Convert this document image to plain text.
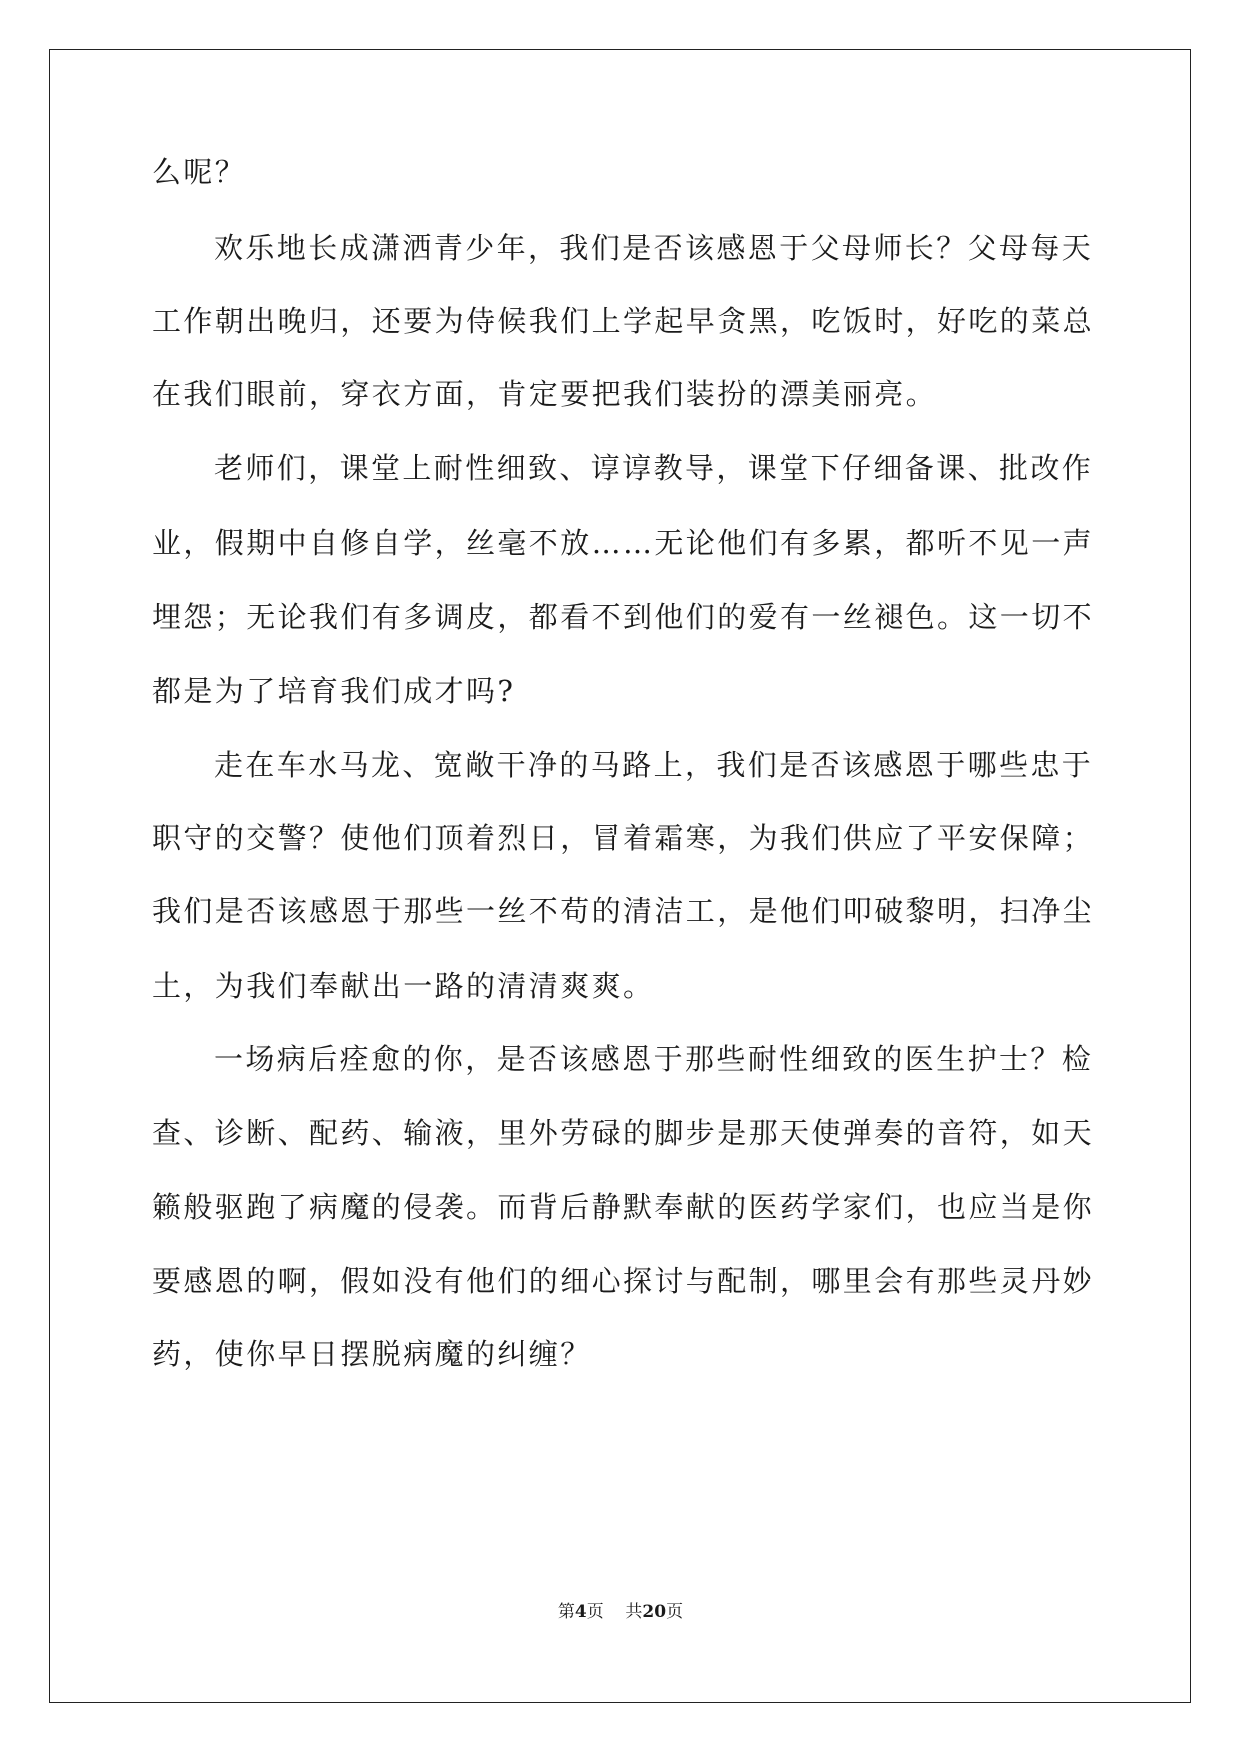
么呢？
欢乐地长成潇洒青少年，我们是否该感恩于父母师长？父母每天
工作朝出晚归，还要为侍候我们上学起早贪黑，吃饭时，好吃的菜总
在我们眼前，穿衣方面，肯定要把我们装扮的漂美丽亮。
老师们，课堂上耐性细致、谆谆教导，课堂下仔细备课、批改作
业，假期中自修自学，丝毫不放……无论他们有多累，都听不见一声
埋怨；无论我们有多调皮，都看不到他们的爱有一丝褪色。这一切不
都是为了培育我们成才吗?
走在车水马龙、宽敞干净的马路上，我们是否该感恩于哪些忠于
职守的交警？使他们顶着烈日，冒着霜寒，为我们供应了平安保障；
我们是否该感恩于那些一丝不苟的清洁工，是他们叩破黎明，扫净尘
土，为我们奉献出一路的清清爽爽。
一场病后痊愈的你，是否该感恩于那些耐性细致的医生护士？检
查、诊断、配药、输液，里外劳碌的脚步是那天使弹奏的音符，如天
籁般驱跑了病魔的侵袭。而背后静默奉献的医药学家们，也应当是你
要感恩的啊，假如没有他们的细心探讨与配制，哪里会有那些灵丹妙
药，使你早日摆脱病魔的纠缠？
第4页 共20页
